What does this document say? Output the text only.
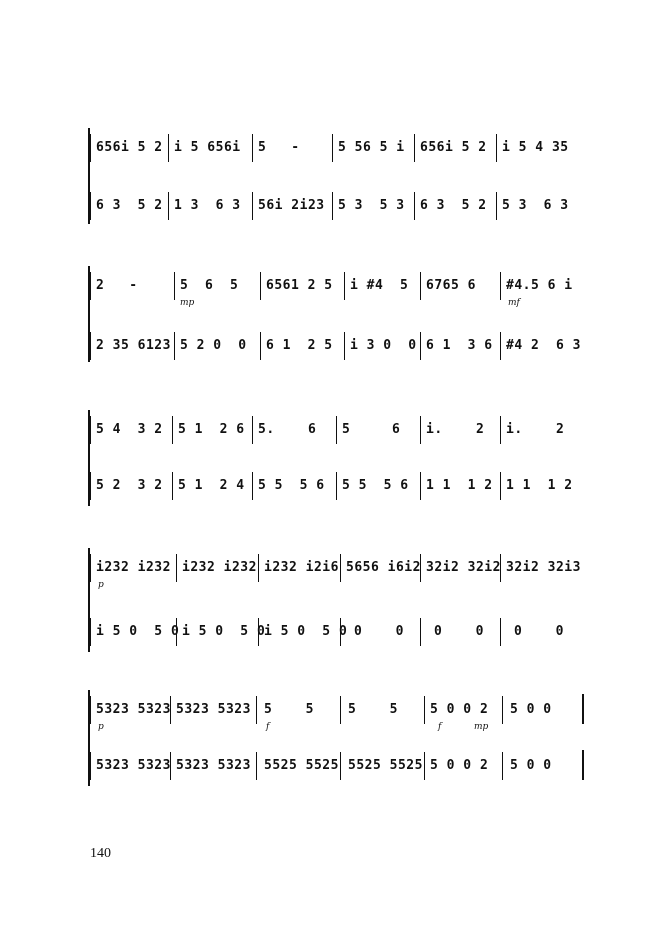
656i 5 2 i 5 656i 5   - 5 56 5 i 656i 5 2 i 5 4 35
6 3  5 2 1 3  6 3 56i 2i23 5 3  5 3 6 3  5 2 5 3  6 3
2   -	5  6  5
mp
6561 2 5 i #4  5 6765 6 #4.5 6 i
mf
2 35 6123 5 2 0  0 6 1  2 5 i 3 0  0 6 1  3 6 #4 2  6 3
5 4  3 2 5 1  2 6 5.    6 5     6 i.    2 i.    2
5 2  3 2 5 1  2 4 5 5  5 6 5 5  5 6 1 1  1 2 1 1  1 2
i232 i232
p
i232 i232 i232 i2i6 5656 i6i2 32i2 32i2 32i2 32i3
i 5 0  5 0 i 5 0  5 0
i 5 0  5 0 0    0 0    0 0    0
5323 5323
p
5323 5323 5    5
f
5    5 5 0 0 2
f	mp
5 0 0
5323 5323 5323 5323 5525 5525 5525 5525 5 0 0 2 5 0 0
140
